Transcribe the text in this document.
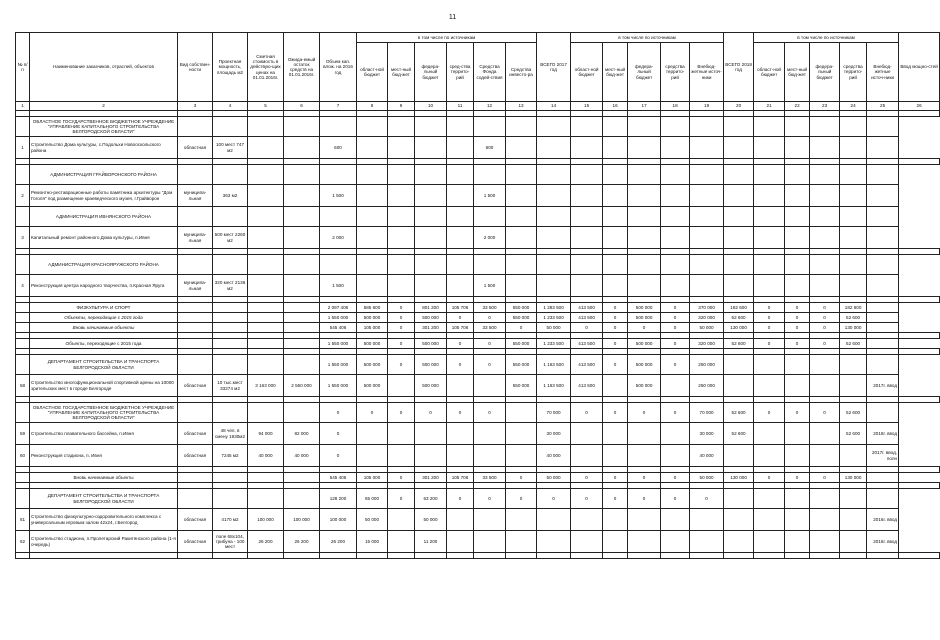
11
№ п/п	Наименование заказчиков, отраслей, объектов	Вид собствен-ности	Проектная мощность, площадь м2	Сметная стоимость в действую-щих ценах на 01.01.2016г.	Ожида-емый остаток средств на 01.01.2016г.	Объем кап. влож. на 2016 год	в том числе по источникам						ВСЕГО 2017 год	в том числе по источникам					ВСЕГО 2018 год	в том числе по источникам					Ввод мощно-стей
							област-ной бюджет	мест-ный бюд-жет	федера-льный бюджет	сред-ства террито-рий	Средства Фонда содей-ствия	Средства инвесто-ра		област-ной бюджет	мест-ный бюд-жет	федера-льный бюджет	средства террито-рий	Внебюд-жетные источ-ники		област-ной бюджет	мест-ный бюд-жет	федера-льный бюджет	средства террито-рий	Внебюд-жетные источ-ники	
1	2	3	4	5	6	7	8	9	10	11	12	13	14	15	16	17	18	19	20	21	22	23	24	25	26

	ОБЛАСТНОЕ ГОСУДАРСТВЕННОЕ БЮДЖЕТНОЕ УЧРЕЖДЕНИЕ "УПРАВЛЕНИЕ КАПИТАЛЬНОГО СТРОИТЕЛЬСТВА БЕЛГОРОДСКОЙ ОБЛАСТИ"																								
1	Строительство Дома культуры, с.Подольхи Новооскольского района	областная	100 мест 747 м2			600					600														

	АДМИНИСТРАЦИЯ ГРАЙВОРОНСКОГО РАЙОНА																								
2	Ремонтно-реставрационные работы памятника архитектуры "Дом Гоголя" под размещение краеведческого музея, г.Грайворон	муниципа-льная	363 м2			1 500					1 500														
	АДМИНИСТРАЦИЯ ИВНЯНСКОГО РАЙОНА																								
3	Капитальный ремонт районного Дома культуры, п.Ивня	муниципа-льная	500 мест 2260 м2			2 000					2 000														

	АДМИНИСТРАЦИЯ КРАСНОЯРУЖСКОГО РАЙОНА																								
4	Реконструкция центра народного творчества, п.Красная Яруга	муниципа-льная	320 мест 2136 м2			1 500					1 500														

	ФИЗКУЛЬТУРА И СПОРТ					2 097 406	585 600	0	801 200	105 706	33 500	550 000	1 283 500	413 500	0	500 000	0	370 000	182 600	0	0	0	182 600		
	Объекты, переходящие с 2015 года					1 550 000	500 000	0	500 000	0	0	550 000	1 233 500	413 500	0	500 000	0	320 000	52 600	0	0	0	52 600		
	Вновь начинаемые объекты					545 406	105 000	0	301 200	105 706	33 500	0	50 000	0	0	0	0	50 000	130 000	0	0	0	130 000		

	Объекты, переходящие с 2015 года					1 550 000	500 000	0	500 000	0	0	550 000	1 233 500	413 500	0	500 000	0	320 000	52 600	0	0	0	52 600		

	ДЕПАРТАМЕНТ СТРОИТЕЛЬСТВА И ТРАНСПОРТА БЕЛГОРОДСКОЙ ОБЛАСТИ					1 550 000	500 000	0	500 000	0	0	550 000	1 163 500	413 500	0	500 000	0	250 000							
58	Строительство многофункциональной спортивной арены на 10000 зрительских мест в городе Белгороде	областная	10 тыс.мест 33274 м2	3 163 000	2 550 000	1 550 000	500 000		500 000			550 000	1 163 500	413 500		500 000		250 000						2017г. ввод	

	ОБЛАСТНОЕ ГОСУДАРСТВЕННОЕ БЮДЖЕТНОЕ УЧРЕЖДЕНИЕ "УПРАВЛЕНИЕ КАПИТАЛЬНОГО СТРОИТЕЛЬСТВА БЕЛГОРОДСКОЙ ОБЛАСТИ"					0	0	0	0	0	0		70 000	0	0	0	0	70 000	52 600	0	0	0	52 600		
59	Строительство плавательного бассейна, п.Ивня	областная	48 чел. в смену 1930м2	94 000	82 000	0							30 000					30 000	52 600				52 600	2018г. ввод	
60	Реконструкция стадиона, п. Ивня	областная	7245 м2	40 000	40 000	0							40 000					40 000						2017г. ввод, полн	

	Вновь начинаемые объекты					545 406	105 000	0	301 200	105 706	33 500	0	50 000	0	0	0	0	50 000	130 000	0	0	0	130 000		

	ДЕПАРТАМЕНТ СТРОИТЕЛЬСТВА И ТРАНСПОРТА БЕЛГОРОДСКОЙ ОБЛАСТИ					128 200	65 000	0	63 200	0	0	0	0	0	0	0	0	0							
61	Строительство физкультурно-оздоровительного комплекса с универсальным игровым залом 42х24, г.Белгород	областная	4170 м2	100 000	100 000	100 000	50 000		50 000															2016г. ввод	
62	Строительство стадиона, п.Пролетарский Ракитянского района (1-я очередь)	областная	поле 68х104, трибуна - 100 мест	26 200	26 200	26 200	15 000		11 200															2016г. ввод	
